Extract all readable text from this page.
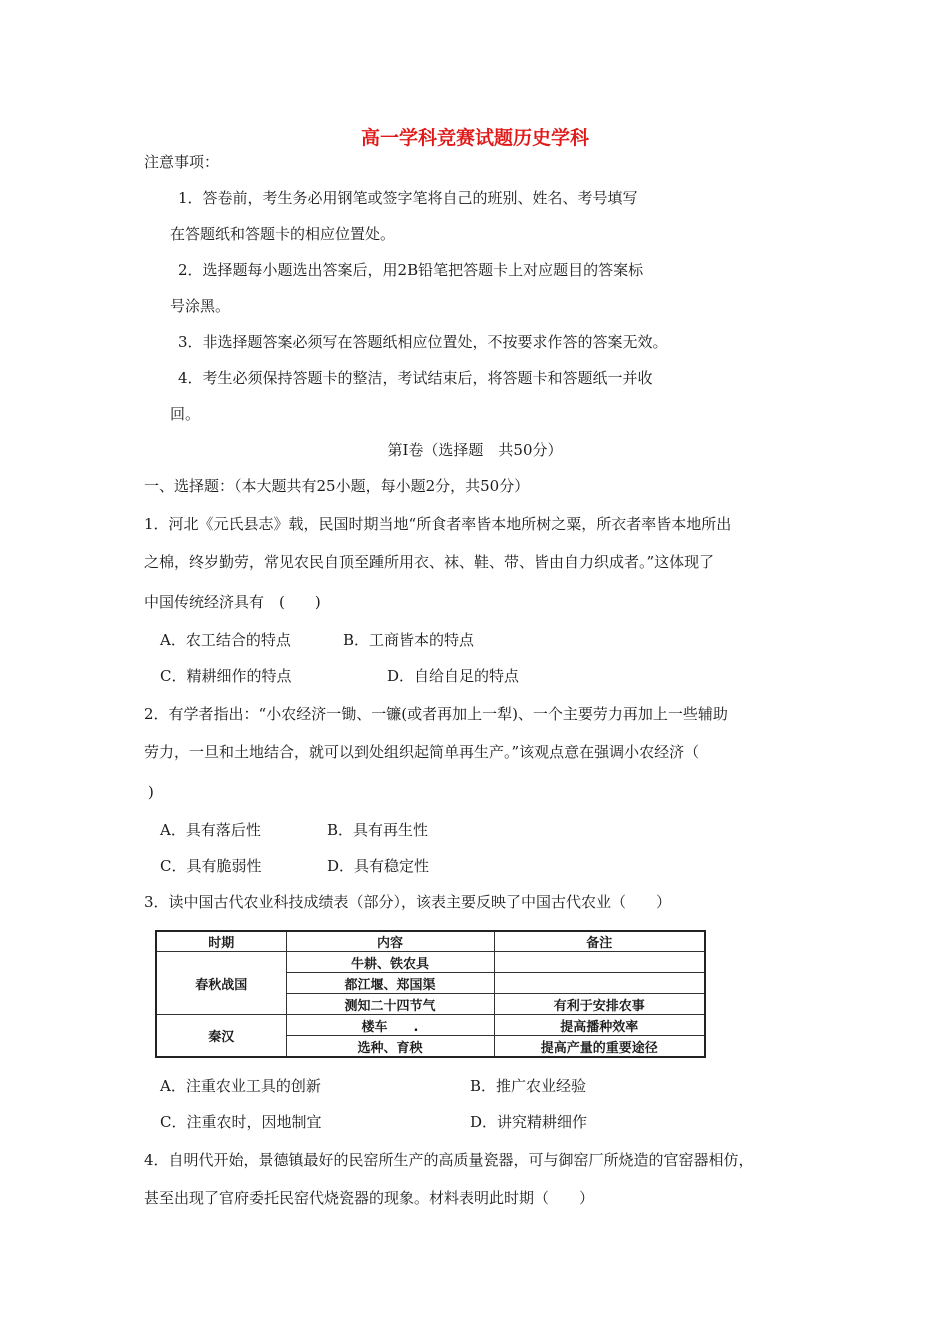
高一学科竞赛试题历史学科
注意事项：
1．答卷前，考生务必用钢笔或签字笔将自己的班别、姓名、考号填写
在答题纸和答题卡的相应位置处。
2．选择题每小题选出答案后，用2B铅笔把答题卡上对应题目的答案标
号涂黑。
3．非选择题答案必须写在答题纸相应位置处，不按要求作答的答案无效。
4．考生必须保持答题卡的整洁，考试结束后，将答题卡和答题纸一并收
回。
第Ⅰ卷（选择题　共50分）
一、选择题：（本大题共有25小题，每小题2分，共50分）
1．河北《元氏县志》载，民国时期当地“所食者率皆本地所树之粟，所衣者率皆本地所出
之棉，终岁勤劳，常见农民自顶至踵所用衣、袜、鞋、带、皆由自力织成者。”这体现了
中国传统经济具有　(　　)
A．农工结合的特点	B．工商皆本的特点
C．精耕细作的特点	D．自给自足的特点
2．有学者指出：“小农经济一锄、一镰(或者再加上一犁)、一个主要劳力再加上一些辅助
劳力，一旦和土地结合，就可以到处组织起简单再生产。”该观点意在强调小农经济（
)
A．具有落后性	B．具有再生性
C．具有脆弱性	D．具有稳定性
3．读中国古代农业科技成绩表（部分），该表主要反映了中国古代农业（　　）
时期	内容	备注
春秋战国	牛耕、铁农具	
	都江堰、郑国渠	
	测知二十四节气	有利于安排农事
秦汉	楼车　　.	提高播种效率
	选种、育秧	提高产量的重要途径
A．注重农业工具的创新	B．推广农业经验
C．注重农时，因地制宜	D．讲究精耕细作
4．自明代开始，景德镇最好的民窑所生产的高质量瓷器，可与御窑厂所烧造的官窑器相仿，
甚至出现了官府委托民窑代烧瓷器的现象。材料表明此时期（　　）
